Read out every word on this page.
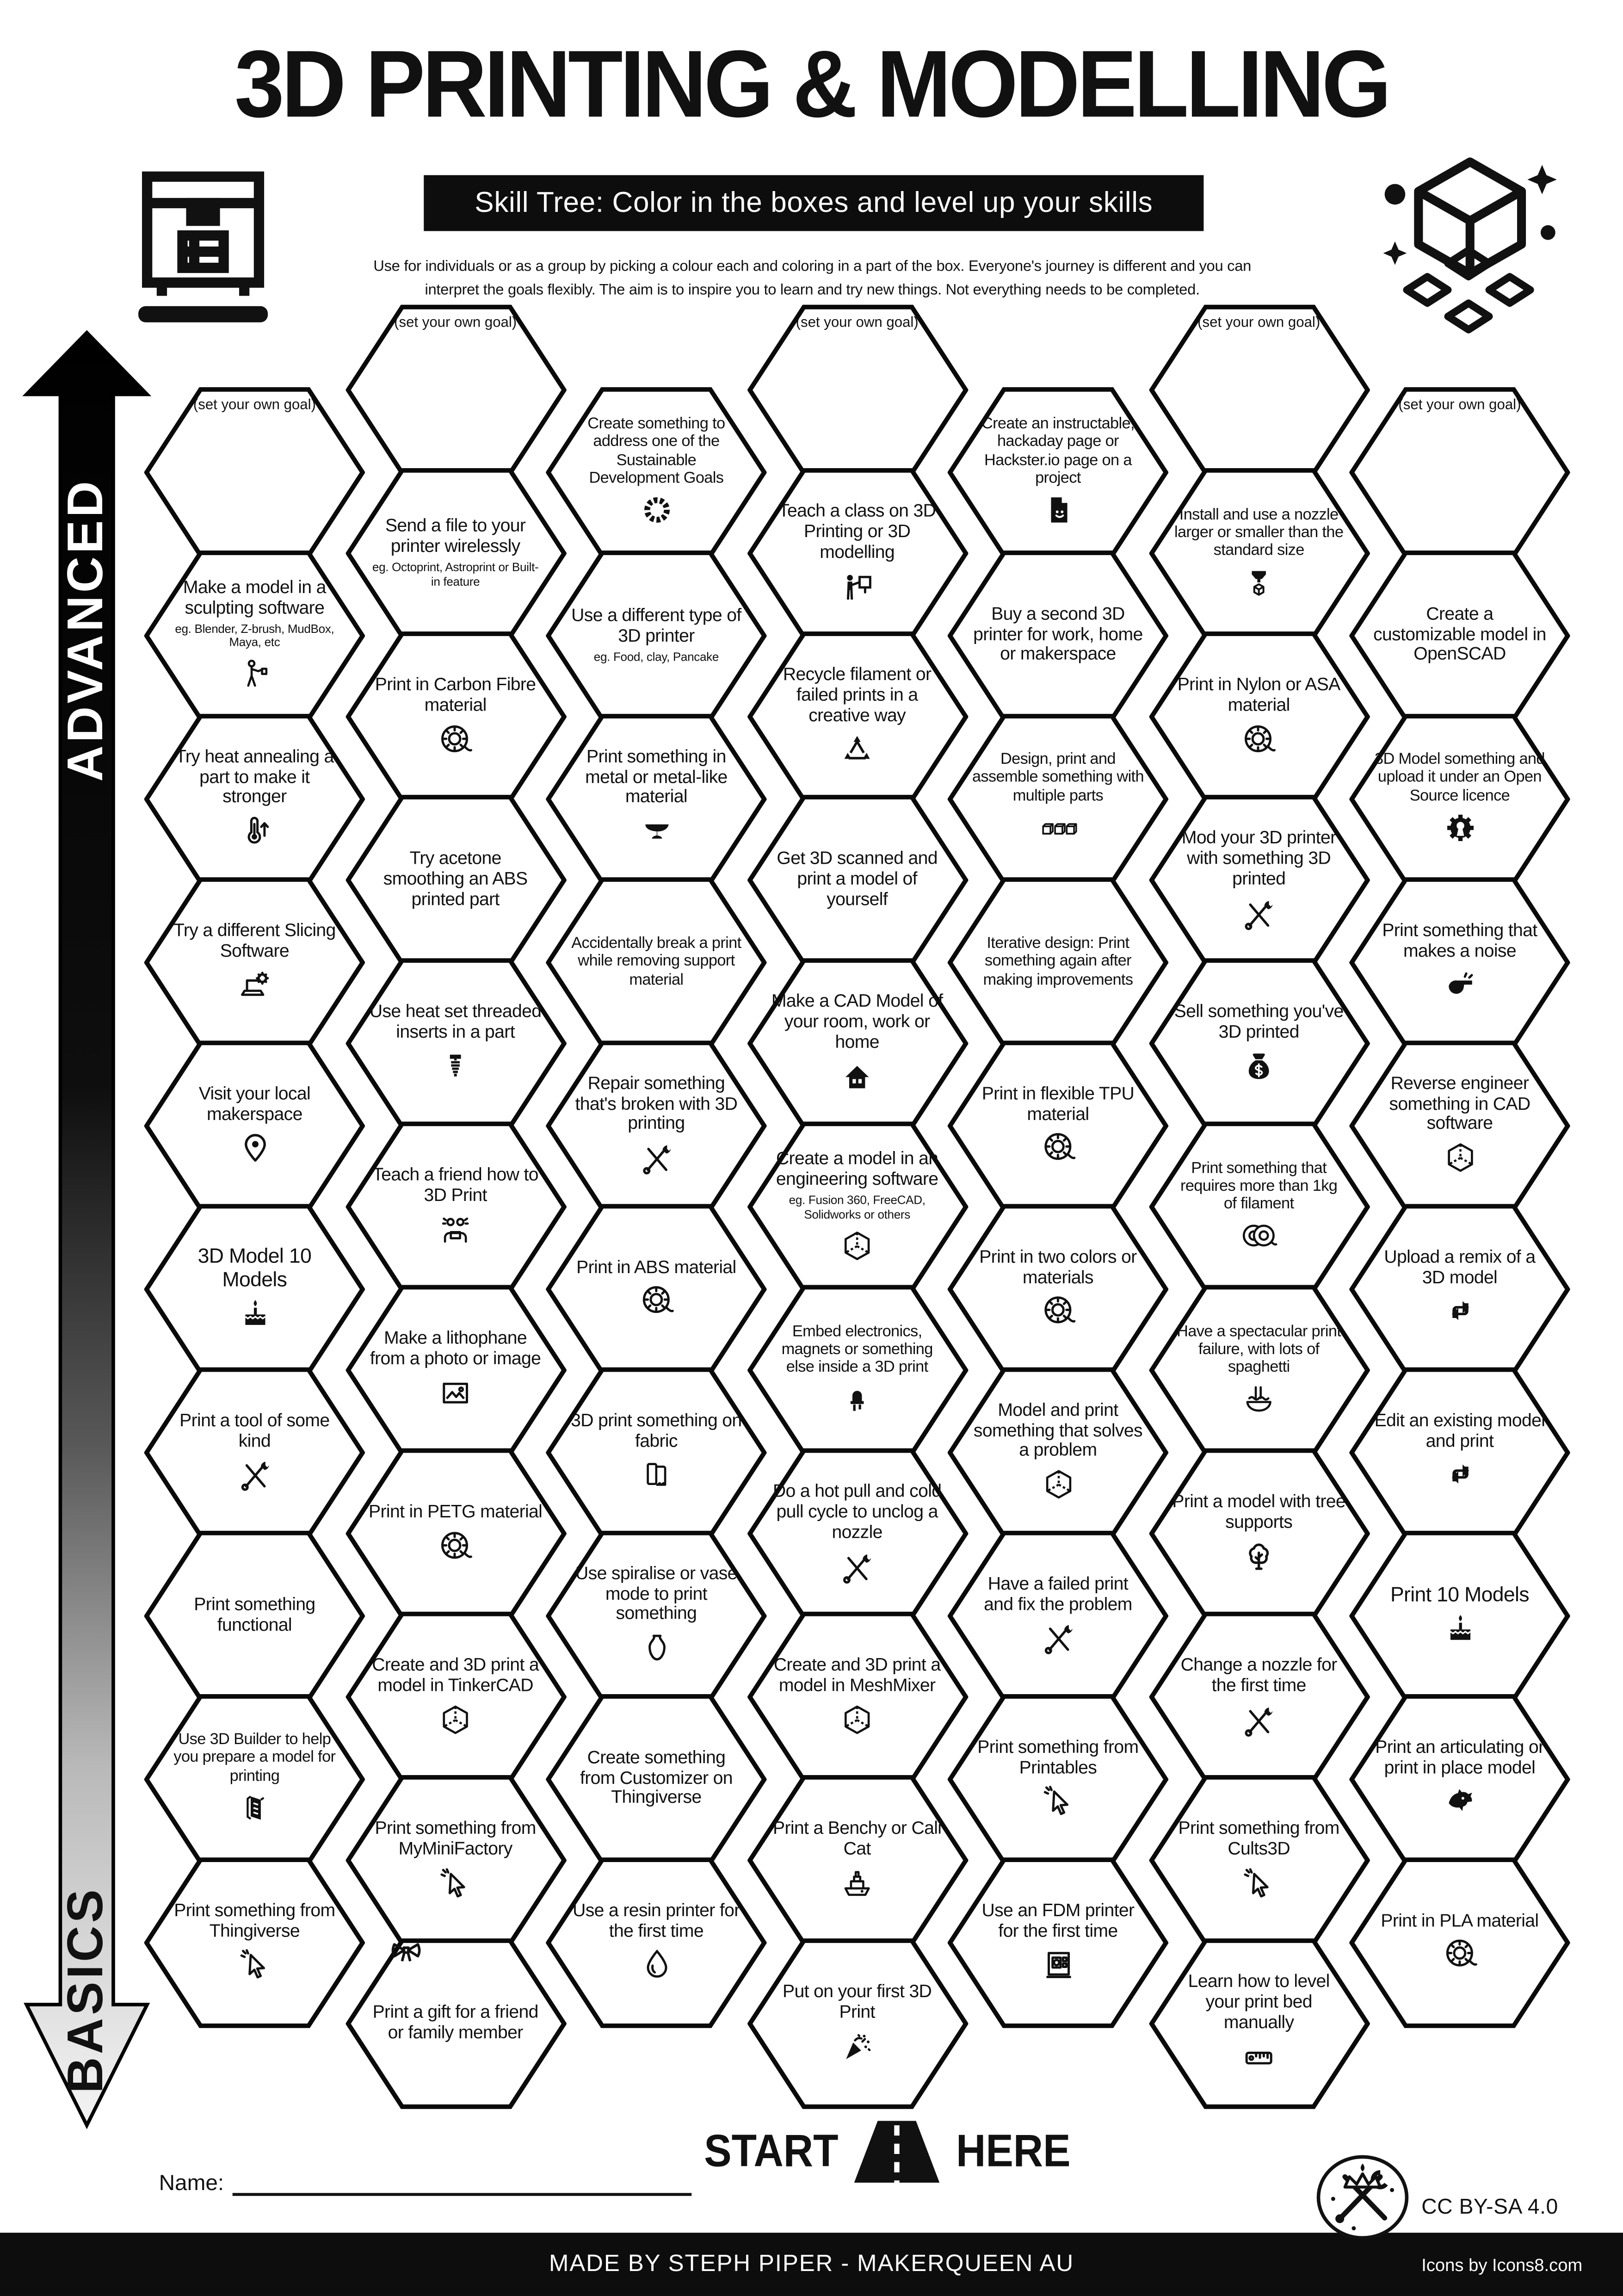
3D PRINTING & MODELLING
Skill Tree: Color in the boxes and level up your skills
Use for individuals or as a group by picking a colour each and coloring in a part of the box. Everyone's journey is different and you can
interpret the goals flexibly. The aim is to inspire you to learn and try new things. Not everything needs to be completed.
ADVANCED
BASICS
(set your own goal)
Make a model in a sculpting software
eg. Blender, Z-brush, MudBox, Maya, etc
Try heat annealing a part to make it stronger
Try a different Slicing Software
Visit your local makerspace
3D Model 10 Models
Print a tool of some kind
Print something functional
Use 3D Builder to help you prepare a model for printing
Print something from Thingiverse
(set your own goal)
Send a file to your printer wirelessly
eg. Octoprint, Astroprint or Built-in feature
Print in Carbon Fibre material
Try acetone smoothing an ABS printed part
Use heat set threaded inserts in a part
Teach a friend how to 3D Print
Make a lithophane from a photo or image
Print in PETG material
Create and 3D print a model in TinkerCAD
Print something from MyMiniFactory
Print a gift for a friend or family member
Create something to address one of the Sustainable Development Goals
Use a different type of 3D printer
eg. Food, clay, Pancake
Print something in metal or metal-like material
Accidentally break a print while removing support material
Repair something that's broken with 3D printing
Print in ABS material
3D print something on fabric
Use spiralise or vase mode to print something
Create something from Customizer on Thingiverse
Use a resin printer for the first time
(set your own goal)
Teach a class on 3D Printing or 3D modelling
Recycle filament or failed prints in a creative way
Get 3D scanned and print a model of yourself
Make a CAD Model of your room, work or home
Create a model in an engineering software
eg. Fusion 360, FreeCAD, Solidworks or others
Embed electronics, magnets or something else inside a 3D print
Do a hot pull and cold pull cycle to unclog a nozzle
Create and 3D print a model in MeshMixer
Print a Benchy or Cali Cat
Put on your first 3D Print
Create an instructable, hackaday page or Hackster.io page on a project
Buy a second 3D printer for work, home or makerspace
Design, print and assemble something with multiple parts
Iterative design: Print something again after making improvements
Print in flexible TPU material
Print in two colors or materials
Model and print something that solves a problem
Have a failed print and fix the problem
Print something from Printables
Use an FDM printer for the first time
(set your own goal)
Install and use a nozzle larger or smaller than the standard size
Print in Nylon or ASA material
Mod your 3D printer with something 3D printed
Sell something you've 3D printed
Print something that requires more than 1kg of filament
Have a spectacular print failure, with lots of spaghetti
Print a model with tree supports
Change a nozzle for the first time
Print something from Cults3D
Learn how to level your print bed manually
(set your own goal)
Create a customizable model in OpenSCAD
3D Model something and upload it under an Open Source licence
Print something that makes a noise
Reverse engineer something in CAD software
Upload a remix of a 3D model
Edit an existing model and print
Print 10 Models
Print an articulating or print in place model
Print in PLA material
START	HERE
Name:
MADE BY STEPH PIPER - MAKERQUEEN AU
CC BY-SA 4.0
Icons by Icons8.com
